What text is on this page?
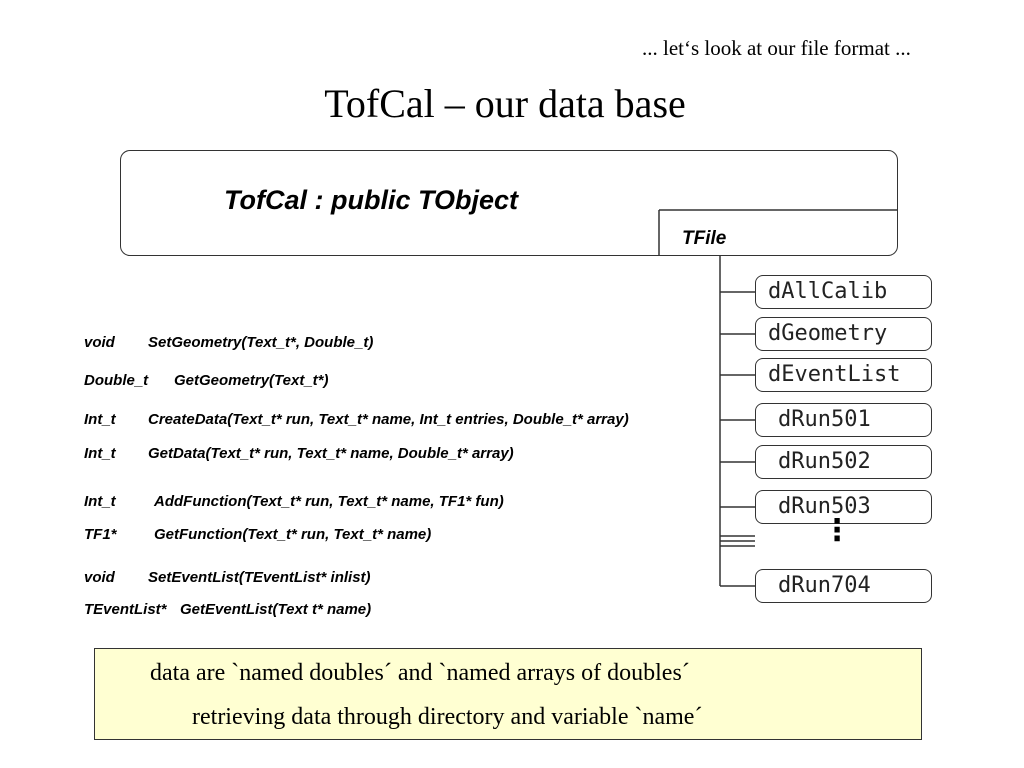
... let‘s look at our file format ...
TofCal – our data base
TofCal : public TObject
TFile
dAllCalib
dGeometry
dEventList
dRun501
dRun502
dRun503
⋮
dRun704
void SetGeometry(Text_t*, Double_t)
Double_t GetGeometry(Text_t*)
Int_t CreateData(Text_t* run, Text_t* name, Int_t entries, Double_t* array)
Int_t GetData(Text_t* run, Text_t* name, Double_t* array)
Int_t	AddFunction(Text_t* run, Text_t* name, TF1* fun)
TF1* GetFunction(Text_t* run, Text_t* name)
void SetEventList(TEventList* inlist)
TEventList* GetEventList(Text t* name)
data are `named doubles´ and `named arrays of doubles´
retrieving data through directory and variable `name´
